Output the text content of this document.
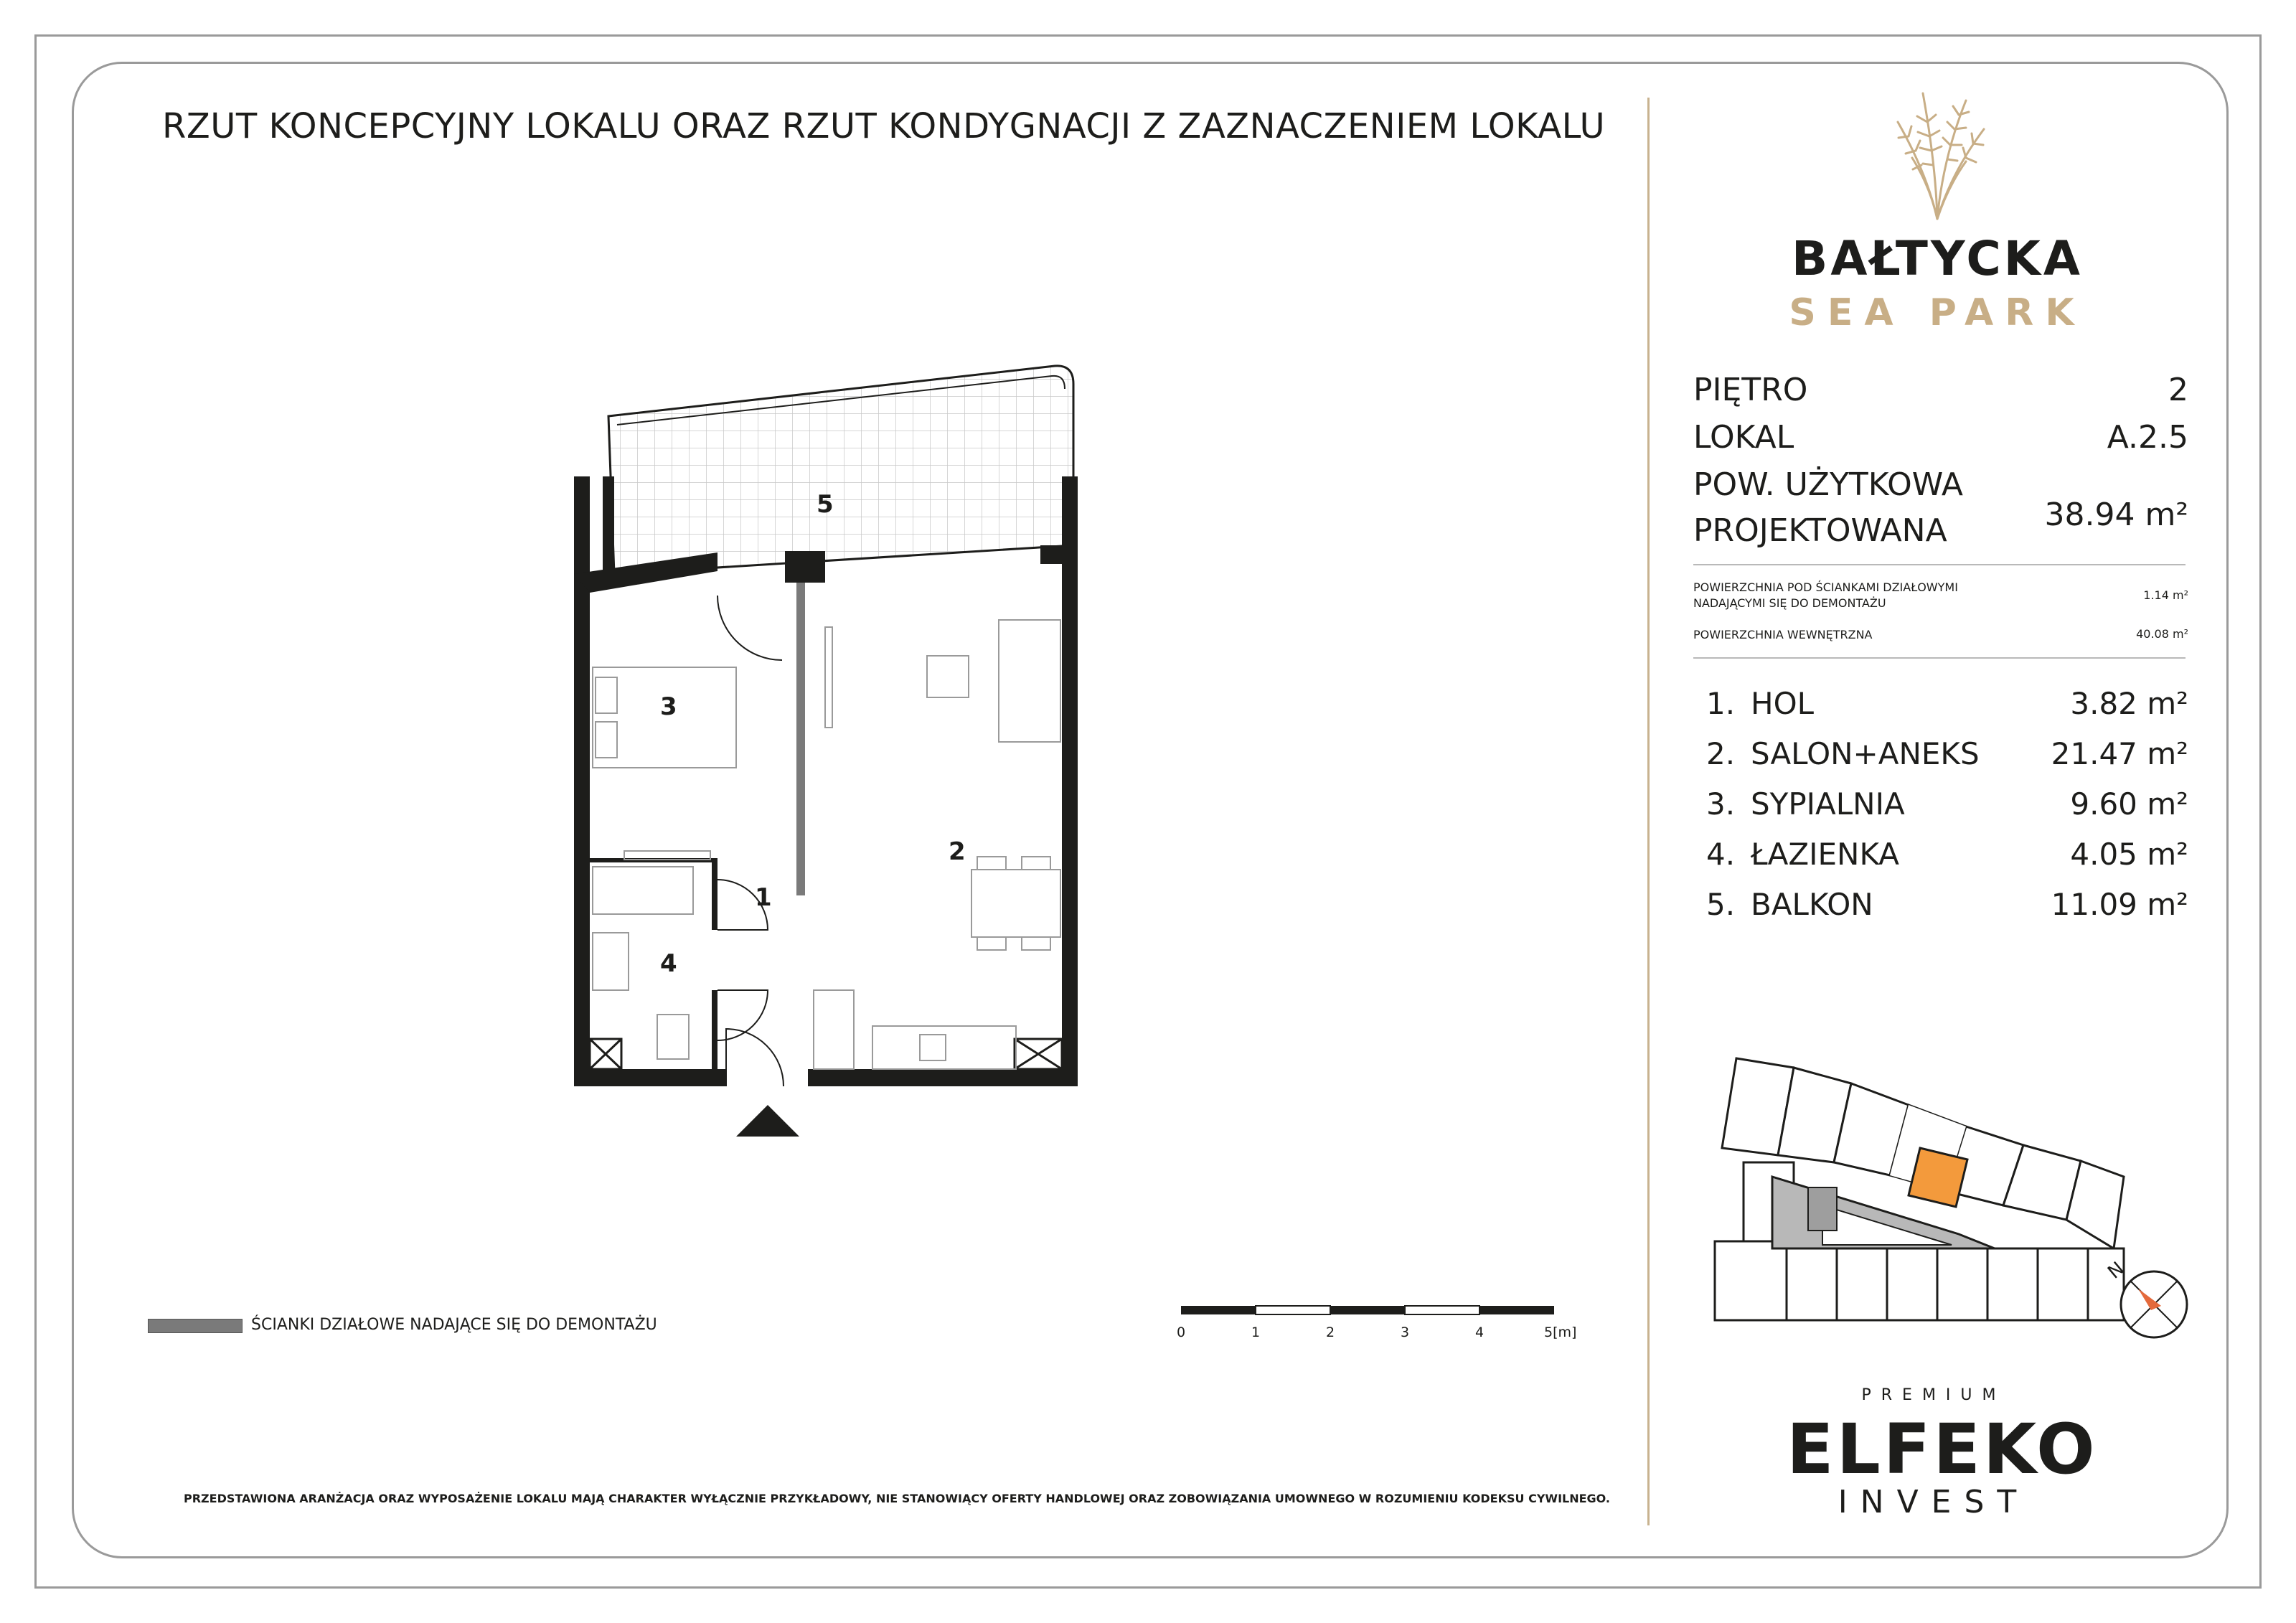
RZUT KONCEPCYJNY LOKALU ORAZ RZUT KONDYGNACJI Z ZAZNACZENIEM LOKALU
BAŁTYCKA
SEA PARK
PIĘTRO	2
LOKAL	A.2.5
POW. UŻYTKOWA
PROJEKTOWANA	38.94 m²
POWIERZCHNIA POD ŚCIANKAMI DZIAŁOWYMI NADAJĄCYMI SIĘ DO DEMONTAŻU
1.14 m²
POWIERZCHNIA WEWNĘTRZNA	40.08 m²
1. HOL	3.82 m²
2. SALON+ANEKS 21.47 m²
3. SYPIALNIA	9.60 m²
4. ŁAZIENKA	4.05 m²
5. BALKON	11.09 m²
5
3
2
1
4
ŚCIANKI DZIAŁOWE NADAJĄCE SIĘ DO DEMONTAŻU	0	1	2	3	4	5[m]
N
PRZEDSTAWIONA ARANŻACJA ORAZ WYPOSAŻENIE LOKALU MAJĄ CHARAKTER WYŁĄCZNIE PRZYKŁADOWY, NIE STANOWIĄCY OFERTY HANDLOWEJ ORAZ ZOBOWIĄZANIA UMOWNEGO W ROZUMIENIU KODEKSU CYWILNEGO.
PREMIUM
ELFEKO
INVEST
